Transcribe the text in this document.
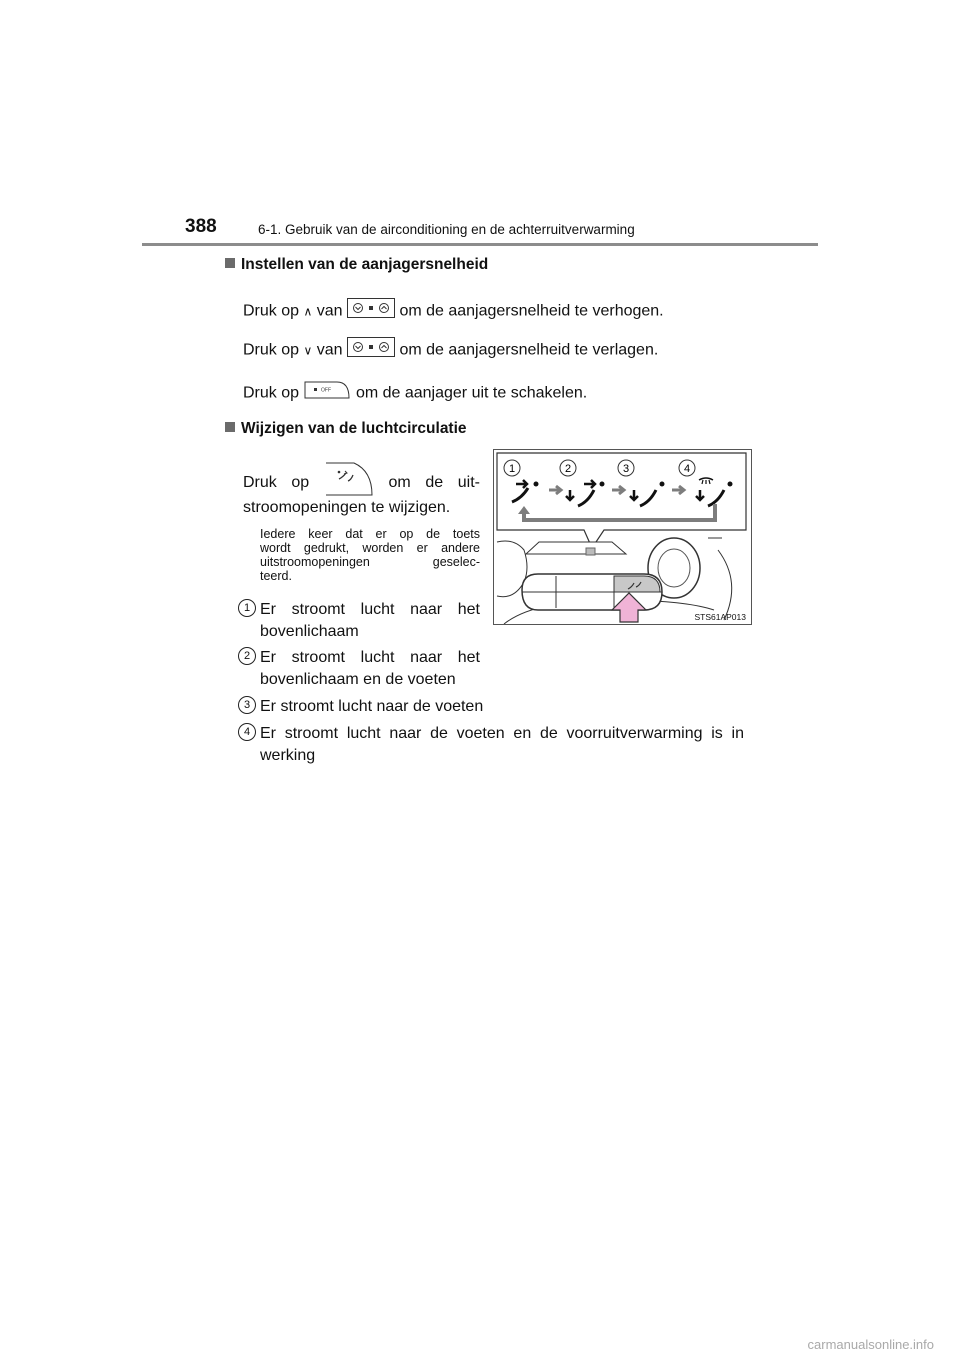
388	6-1. Gebruik van de airconditioning en de achterruitverwarming
Instellen van de aanjagersnelheid
Druk op ∧ van	om de aanjagersnelheid te verhogen.
Druk op ∨ van	om de aanjagersnelheid te verlagen.
Druk op	OFF om de aanjager uit te schakelen.
Wijzigen van de luchtcirculatie
Druk op	om de uit-
stroomopeningen te wijzigen.
Iedere keer dat er op de toets
wordt gedrukt, worden er andere
uitstroomopeningen geselec-
teerd.
1 Er stroomt lucht naar het
bovenlichaam
2 Er stroomt lucht naar het
bovenlichaam en de voeten
3 Er stroomt lucht naar de voeten
4 Er stroomt lucht naar de voeten en de voorruitverwarming is in
werking
1	2	3	4
STS61AP013
carmanualsonline.info
